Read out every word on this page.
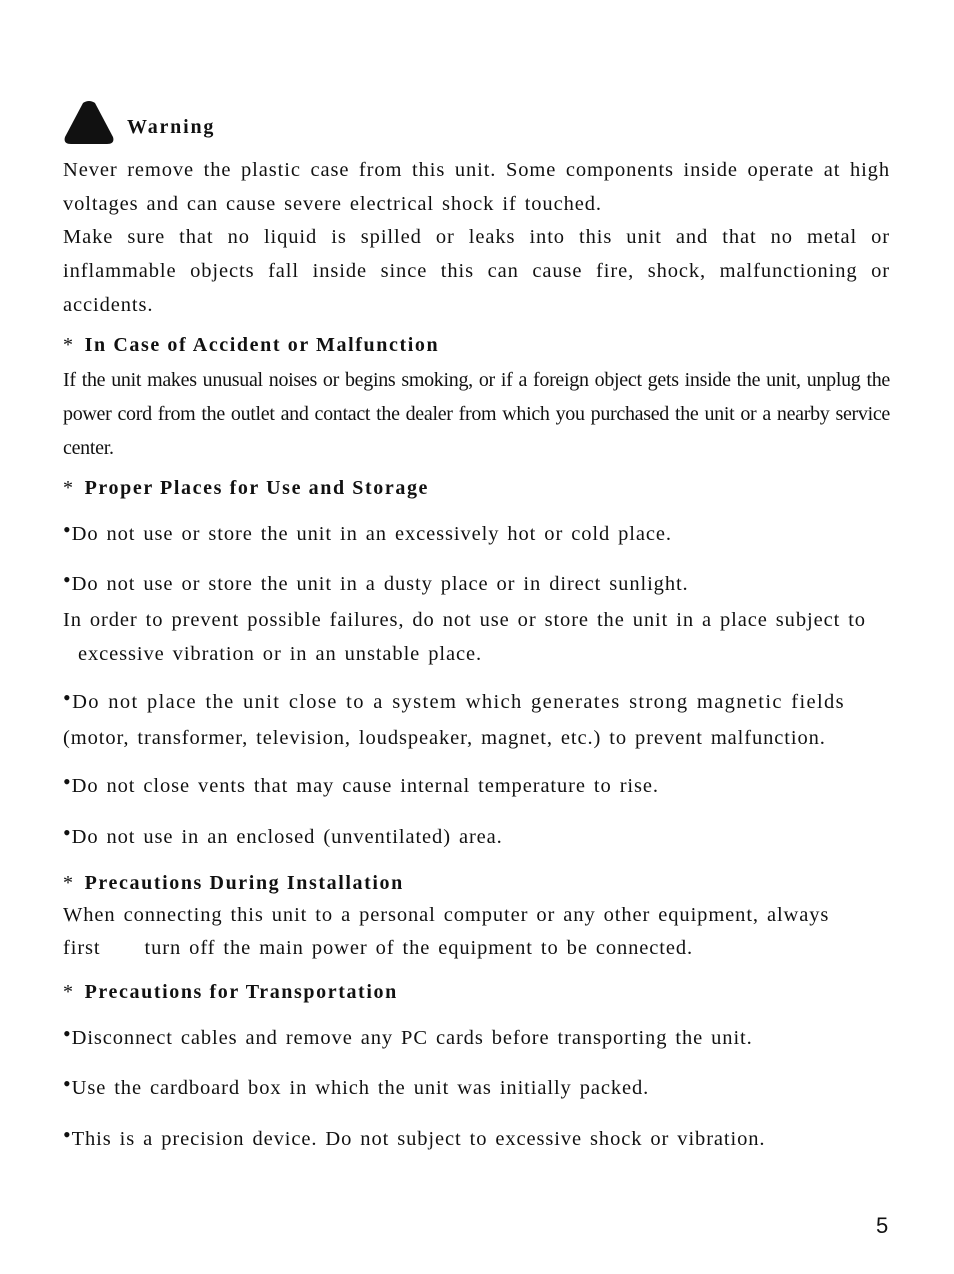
Warning
Never remove the plastic case from this unit. Some components inside operate at high voltages and can cause severe electrical shock if touched.
Make sure that no liquid is spilled or leaks into this unit and that no metal or inflammable objects fall inside since this can cause fire, shock, malfunctioning or accidents.
* In Case of Accident or Malfunction
If the unit makes unusual noises or begins smoking, or if a foreign object gets inside the unit, unplug the power cord from the outlet and contact the dealer from which you purchased the unit or a nearby service center.
* Proper Places for Use and Storage
•Do not use or store the unit in an excessively hot or cold place.
•Do not use or store the unit in a dusty place or in direct sunlight.
In order to prevent possible failures, do not use or store the unit in a place subject to
excessive vibration or in an unstable place.
•Do not place the unit close to a system which generates strong magnetic fields
(motor, transformer, television, loudspeaker, magnet, etc.) to prevent malfunction.
•Do not close vents that may cause internal temperature to rise.
•Do not use in an enclosed (unventilated) area.
* Precautions During Installation
When connecting this unit to a personal computer or any other equipment, always
first turn off the main power of the equipment to be connected.
* Precautions for Transportation
•Disconnect cables and remove any PC cards before transporting the unit.
•Use the cardboard box in which the unit was initially packed.
•This is a precision device. Do not subject to excessive shock or vibration.
5
